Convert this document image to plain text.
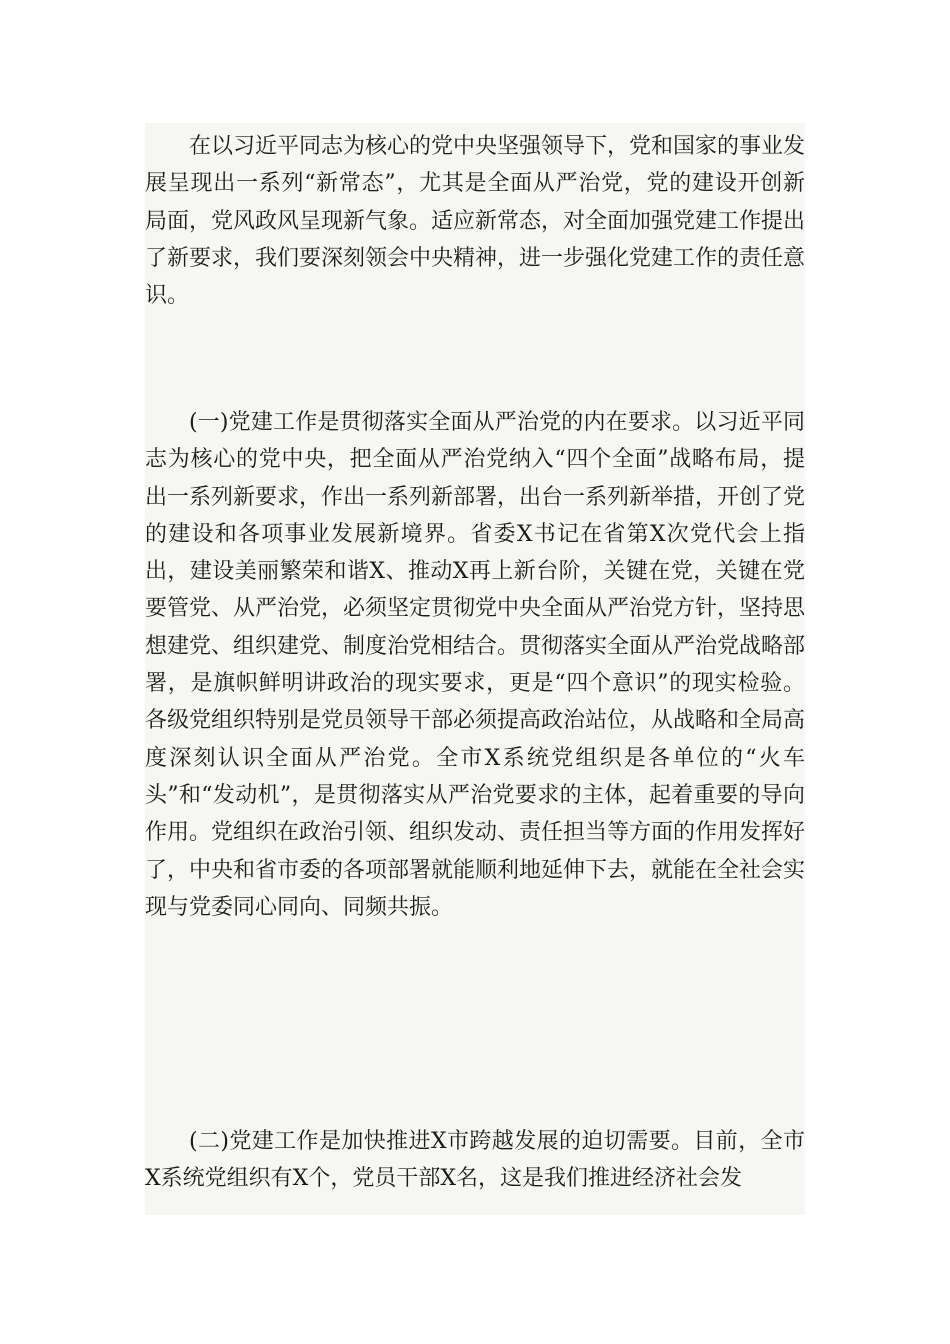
在以习近平同志为核心的党中央坚强领导下，党和国家的事业发展呈现出一系列“新常态”，尤其是全面从严治党，党的建设开创新局面，党风政风呈现新气象。适应新常态，对全面加强党建工作提出了新要求，我们要深刻领会中央精神，进一步强化党建工作的责任意识。

(一)党建工作是贯彻落实全面从严治党的内在要求。以习近平同志为核心的党中央，把全面从严治党纳入“四个全面”战略布局，提出一系列新要求，作出一系列新部署，出台一系列新举措，开创了党的建设和各项事业发展新境界。省委X书记在省第X次党代会上指出，建设美丽繁荣和谐X、推动X再上新台阶，关键在党，关键在党要管党、从严治党，必须坚定贯彻党中央全面从严治党方针，坚持思想建党、组织建党、制度治党相结合。贯彻落实全面从严治党战略部署，是旗帜鲜明讲政治的现实要求，更是“四个意识”的现实检验。各级党组织特别是党员领导干部必须提高政治站位，从战略和全局高度深刻认识全面从严治党。全市X系统党组织是各单位的“火车头”和“发动机”，是贯彻落实从严治党要求的主体，起着重要的导向作用。党组织在政治引领、组织发动、责任担当等方面的作用发挥好了，中央和省市委的各项部署就能顺利地延伸下去，就能在全社会实现与党委同心同向、同频共振。

(二)党建工作是加快推进X市跨越发展的迫切需要。目前，全市X系统党组织有X个，党员干部X名，这是我们推进经济社会发
